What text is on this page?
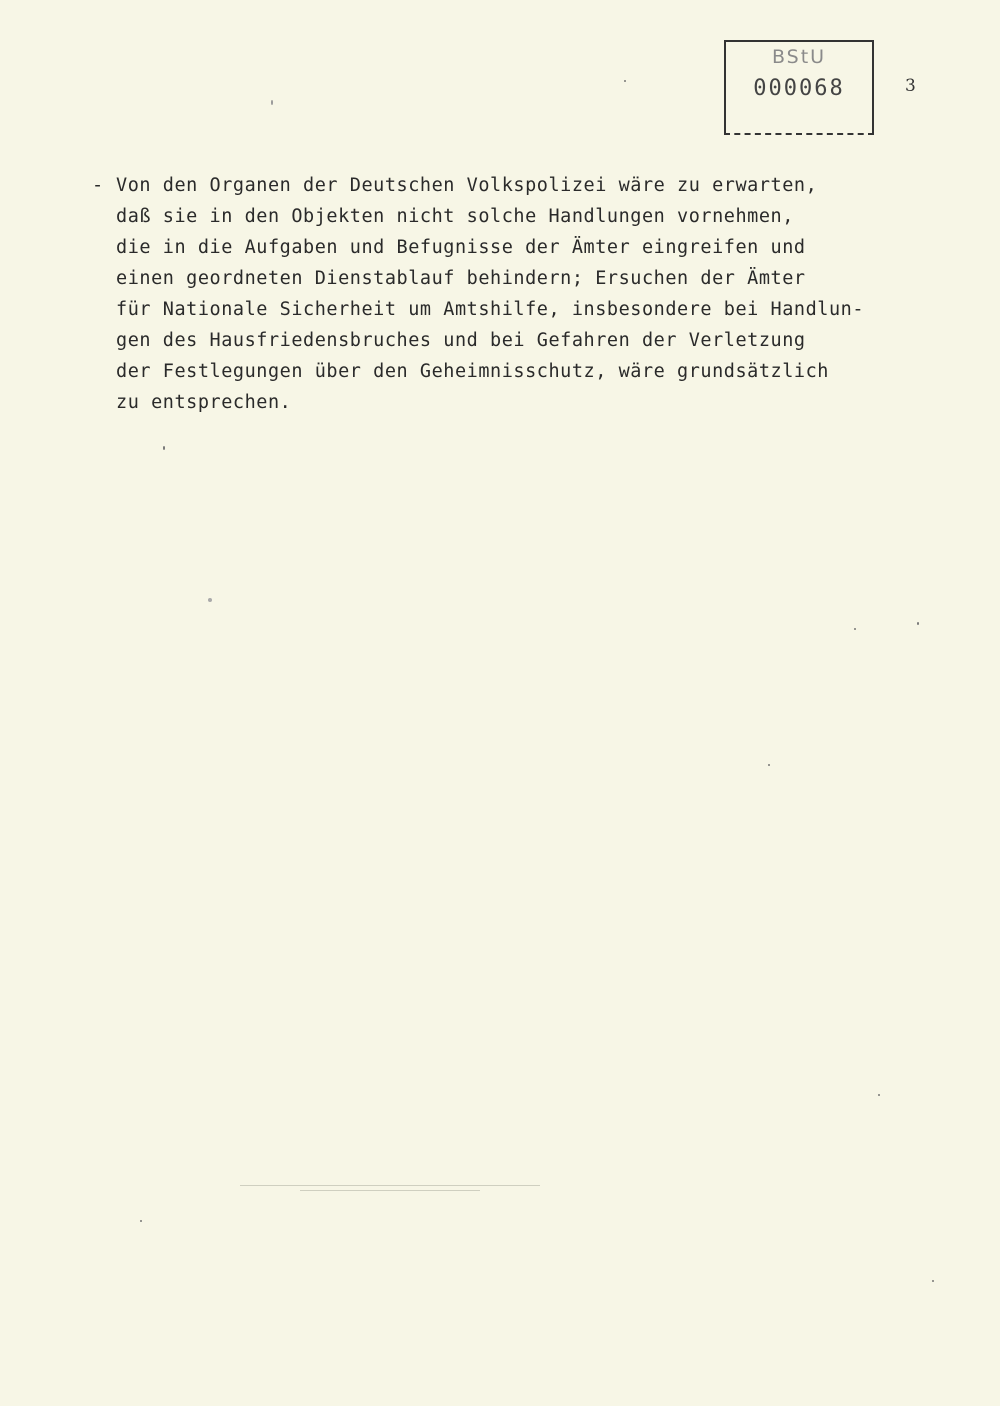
BStU
000068	3
- Von den Organen der Deutschen Volkspolizei wäre zu erwarten,
daß sie in den Objekten nicht solche Handlungen vornehmen,
die in die Aufgaben und Befugnisse der Ämter eingreifen und
einen geordneten Dienstablauf behindern; Ersuchen der Ämter
für Nationale Sicherheit um Amtshilfe, insbesondere bei Handlun-
gen des Hausfriedensbruches und bei Gefahren der Verletzung
der Festlegungen über den Geheimnisschutz, wäre grundsätzlich
zu entsprechen.
